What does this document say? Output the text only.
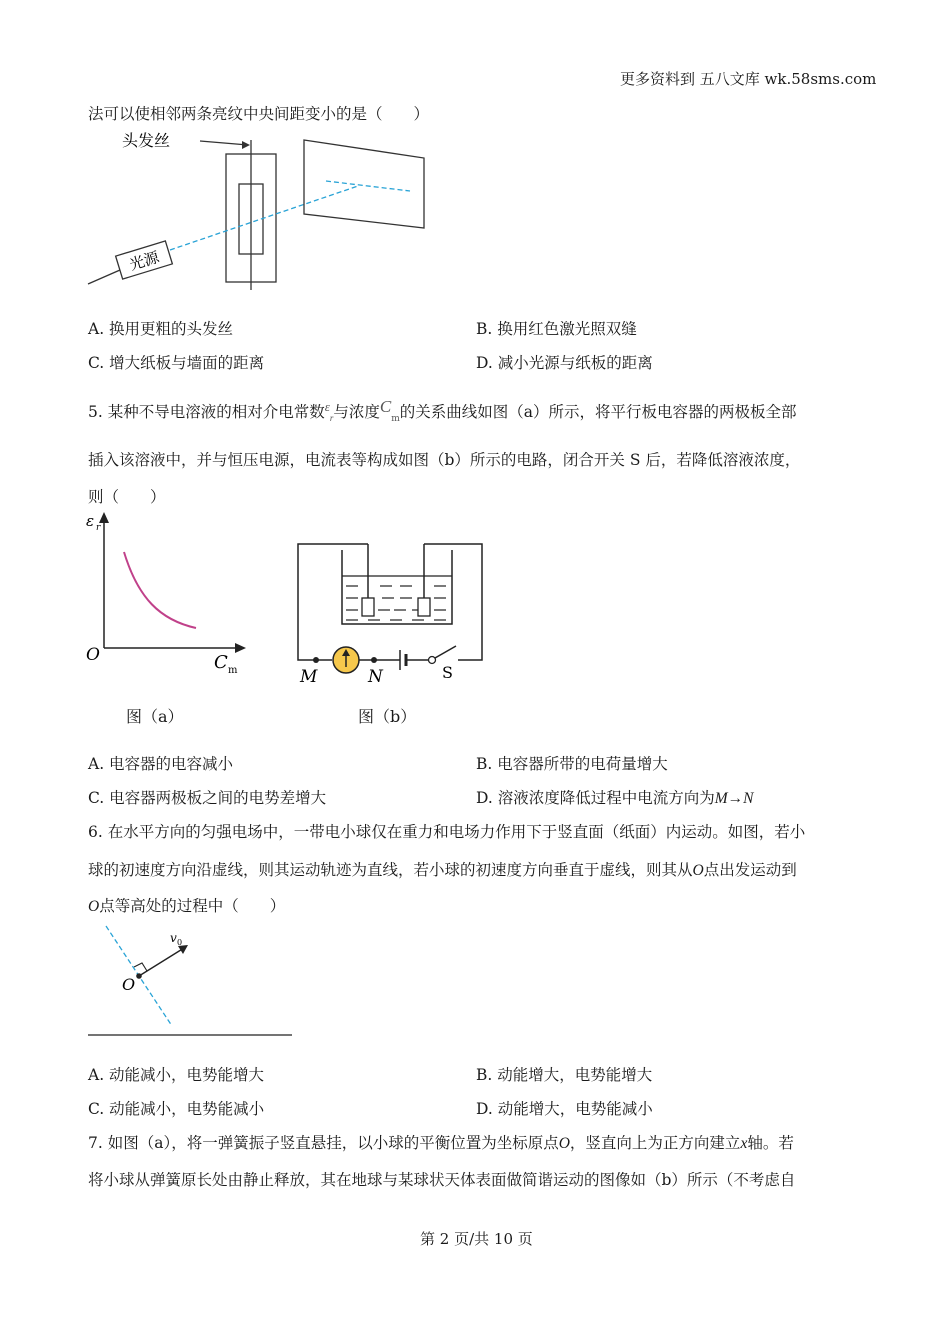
更多资料到 五八文库 wk.58sms.com
法可以使相邻两条亮纹中央间距变小的是（　　）
头发丝
光源
A. 换用更粗的头发丝	B. 换用红色激光照双缝
C. 增大纸板与墙面的距离	D. 减小光源与纸板的距离
5. 某种不导电溶液的相对介电常数$^\varepsilon_r$与浓度$C_m$的关系曲线如图（a）所示，将平行板电容器的两极板全部
插入该溶液中，并与恒压电源，电流表等构成如图（b）所示的电路，闭合开关 S 后，若降低溶液浓度，
则（　　）
ε r
O	C m
图（a）
M	N	S
图（b）
A. 电容器的电容减小	B. 电容器所带的电荷量增大
C. 电容器两极板之间的电势差增大	D. 溶液浓度降低过程中电流方向为M→N
6. 在水平方向的匀强电场中，一带电小球仅在重力和电场力作用下于竖直面（纸面）内运动。如图，若小
球的初速度方向沿虚线，则其运动轨迹为直线，若小球的初速度方向垂直于虚线，则其从O点出发运动到
O点等高处的过程中（　　）
O
v 0
A. 动能减小，电势能增大	B. 动能增大，电势能增大
C. 动能减小，电势能减小	D. 动能增大，电势能减小
7. 如图（a），将一弹簧振子竖直悬挂，以小球的平衡位置为坐标原点O，竖直向上为正方向建立x轴。若
将小球从弹簧原长处由静止释放，其在地球与某球状天体表面做简谐运动的图像如（b）所示（不考虑自
第 2 页/共 10 页
